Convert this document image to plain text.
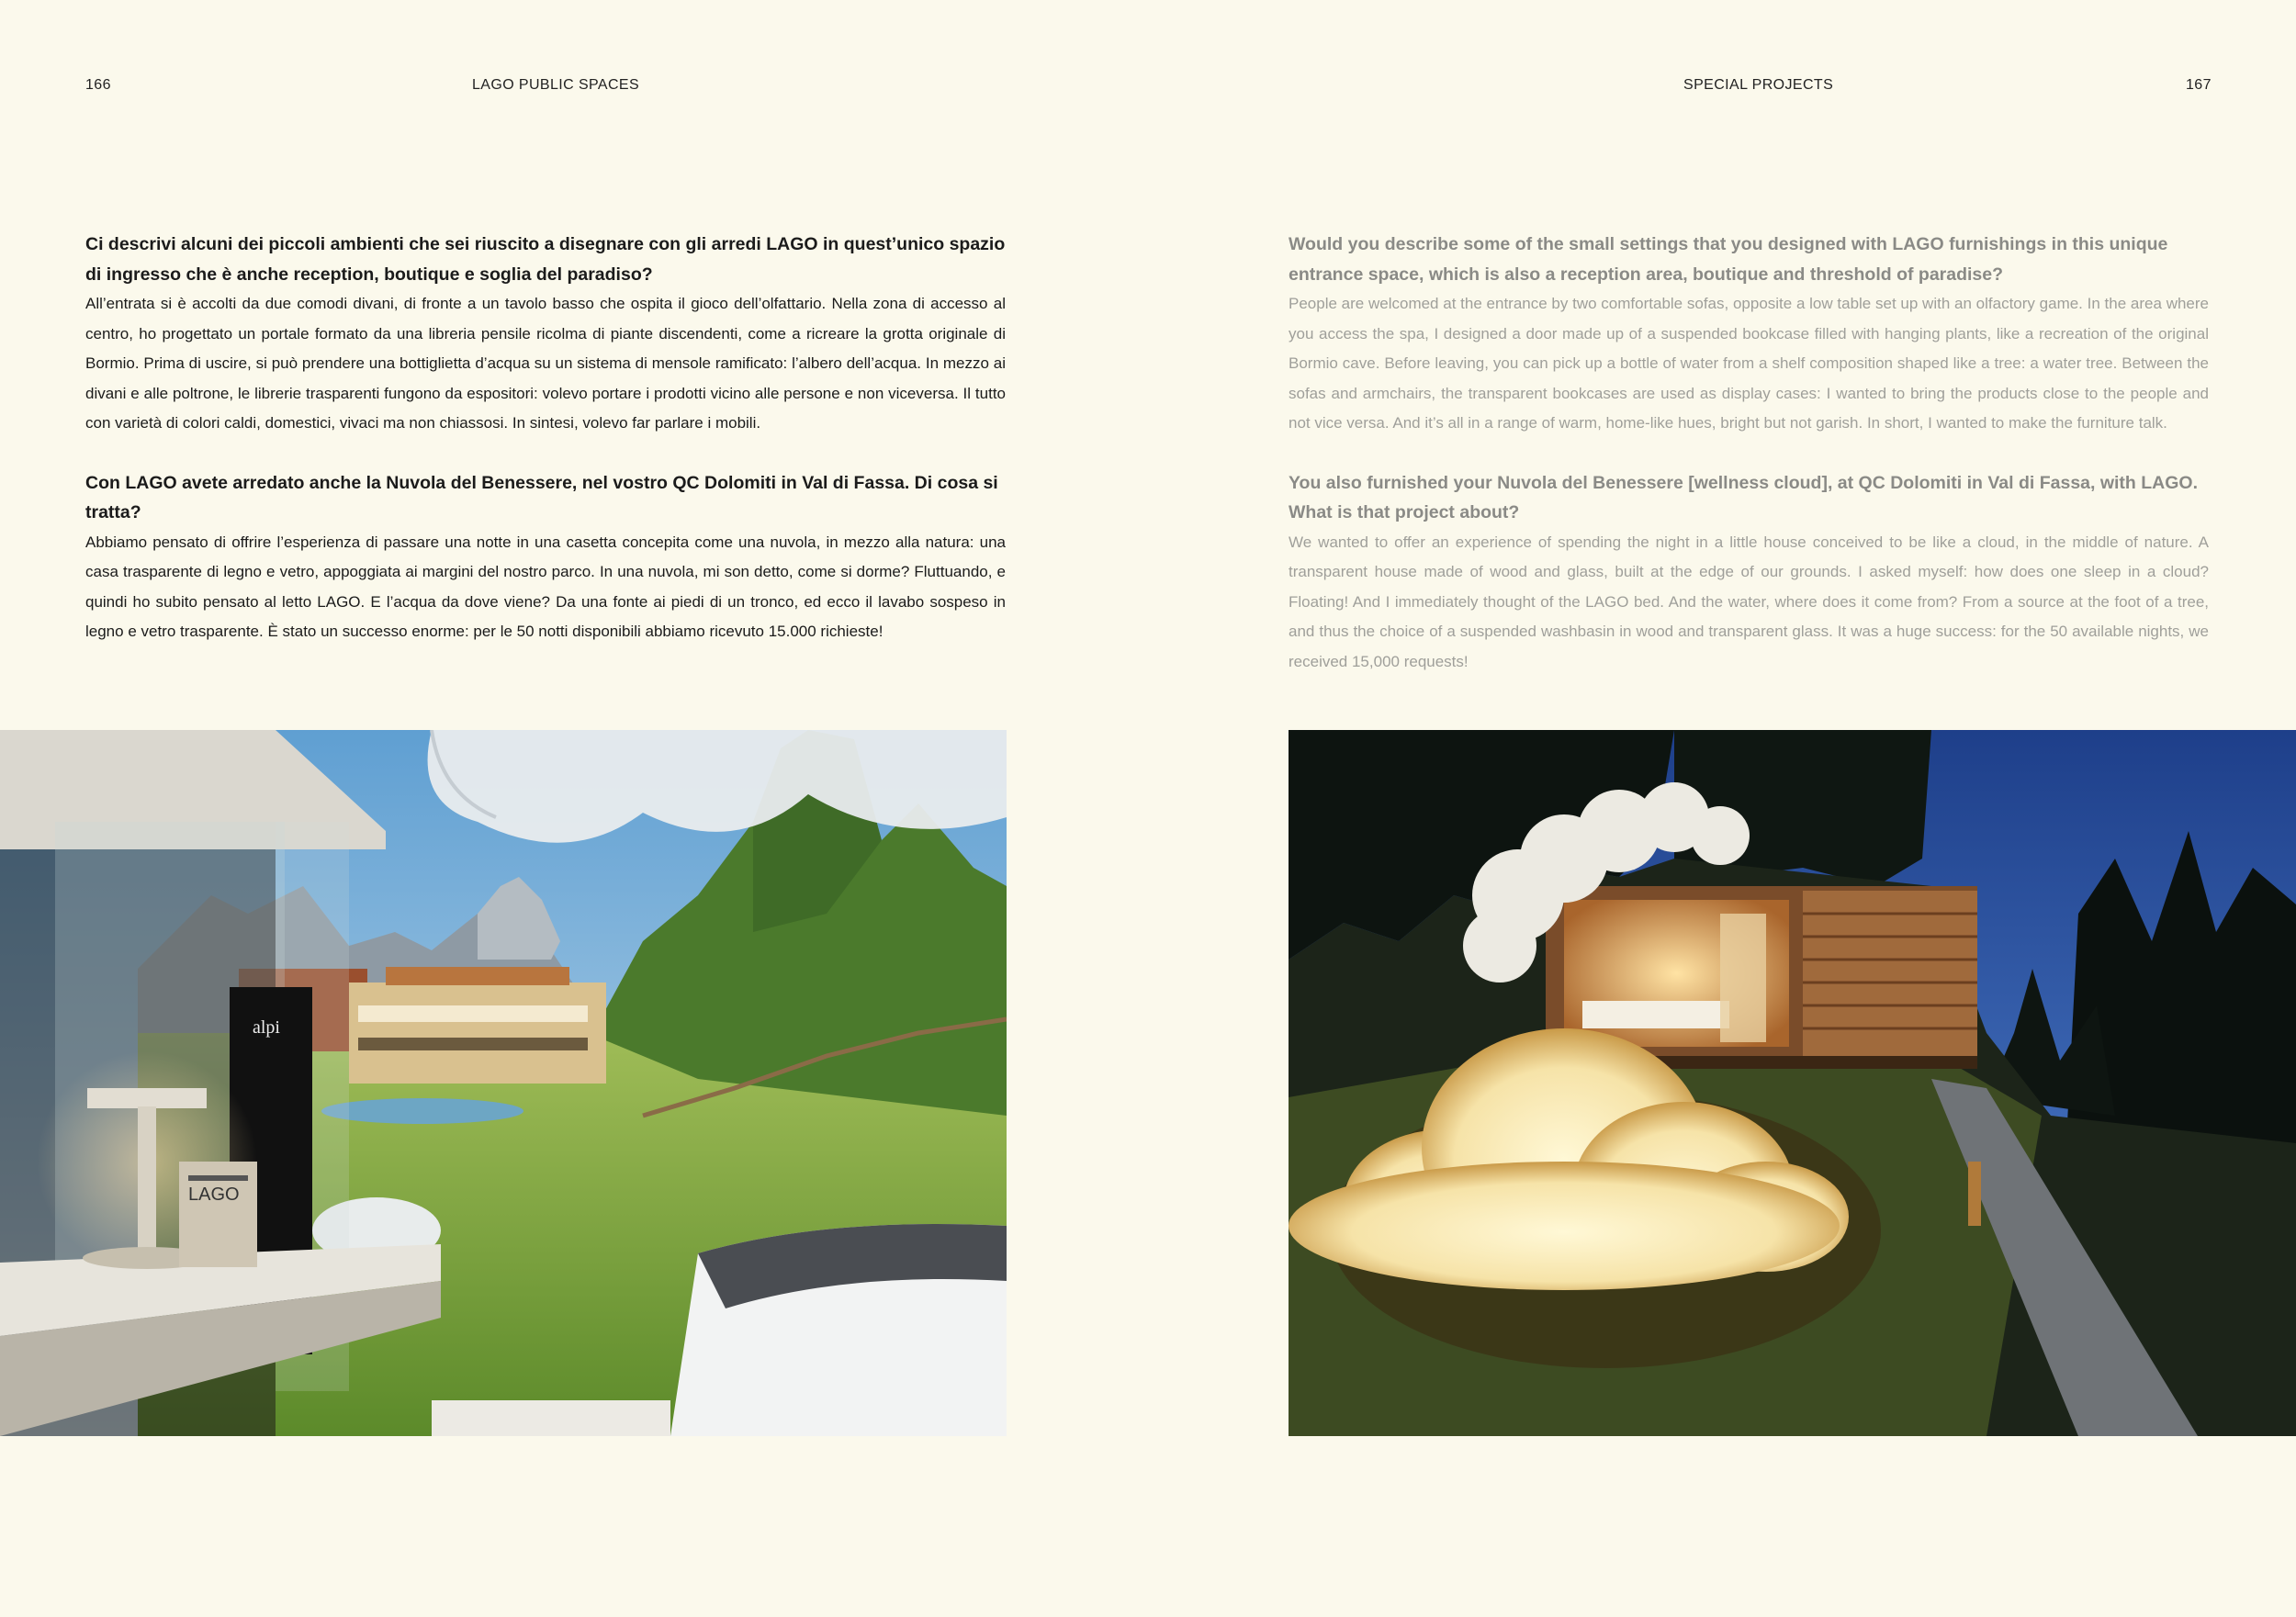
166	LAGO PUBLIC SPACES

Ci descrivi alcuni dei piccoli ambienti che sei riuscito a disegnare con gli arredi LAGO in quest’unico spazio di ingresso che è anche reception, boutique e soglia del paradiso?

All’entrata si è accolti da due comodi divani, di fronte a un tavolo basso che ospita il gioco dell’olfattario. Nella zona di accesso al centro, ho progettato un portale formato da una libreria pensile ricolma di piante discendenti, come a ricreare la grotta originale di Bormio. Prima di uscire, si può prendere una bottiglietta d’acqua su un sistema di mensole ramificato: l’albero dell’acqua. In mezzo ai divani e alle poltrone, le librerie trasparenti fungono da espositori: volevo portare i prodotti vicino alle persone e non viceversa. Il tutto con varietà di colori caldi, domestici, vivaci ma non chiassosi. In sintesi, volevo far parlare i mobili.

Con LAGO avete arredato anche la Nuvola del Benessere, nel vostro QC Dolomiti in Val di Fassa. Di cosa si tratta?

Abbiamo pensato di offrire l’esperienza di passare una notte in una casetta concepita come una nuvola, in mezzo alla natura: una casa trasparente di legno e vetro, appoggiata ai margini del nostro parco. In una nuvola, mi son detto, come si dorme? Fluttuando, e quindi ho subito pensato al letto LAGO. E l’acqua da dove viene? Da una fonte ai piedi di un tronco, ed ecco il lavabo sospeso in legno e vetro trasparente. È stato un successo enorme: per le 50 notti disponibili abbiamo ricevuto 15.000 richieste!

alpi
LAGO
SPECIAL PROJECTS	167

Would you describe some of the small settings that you designed with LAGO furnishings in this unique entrance space, which is also a reception area, boutique and threshold of paradise?

People are welcomed at the entrance by two comfortable sofas, opposite a low table set up with an olfactory game. In the area where you access the spa, I designed a door made up of a suspended bookcase filled with hanging plants, like a recreation of the original Bormio cave. Before leaving, you can pick up a bottle of water from a shelf composition shaped like a tree: a water tree. Between the sofas and armchairs, the transparent bookcases are used as display cases: I wanted to bring the products close to the people and not vice versa. And it’s all in a range of warm, home-like hues, bright but not garish. In short, I wanted to make the furniture talk.

You also furnished your Nuvola del Benessere [wellness cloud], at QC Dolomiti in Val di Fassa, with LAGO. What is that project about?

We wanted to offer an experience of spending the night in a little house conceived to be like a cloud, in the middle of nature. A transparent house made of wood and glass, built at the edge of our grounds. I asked myself: how does one sleep in a cloud? Floating! And I immediately thought of the LAGO bed. And the water, where does it come from? From a source at the foot of a tree, and thus the choice of a suspended washbasin in wood and transparent glass. It was a huge success: for the 50 available nights, we received 15,000 requests!
